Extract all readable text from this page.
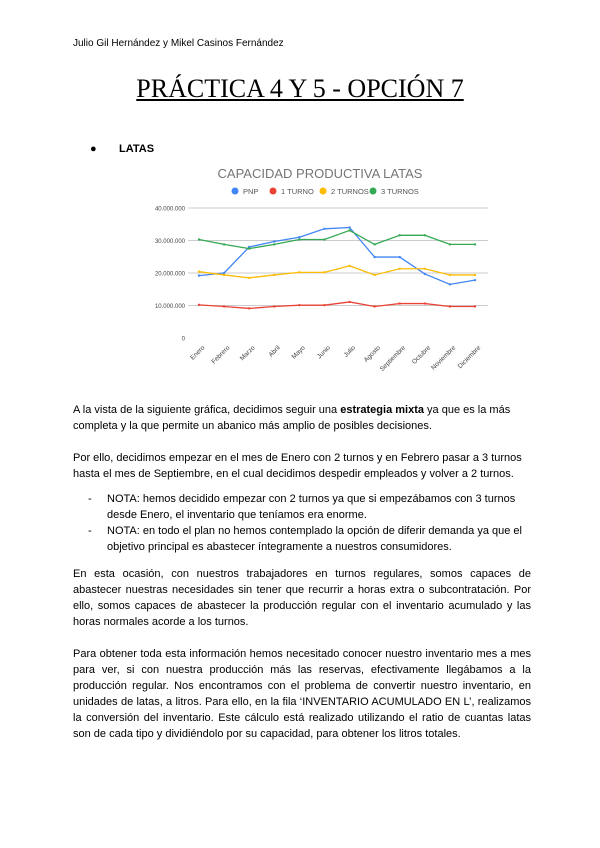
Julio Gil Hernández y Mikel Casinos Fernández
PRÁCTICA 4 Y 5 - OPCIÓN 7
● LATAS
CAPACIDAD PRODUCTIVA LATAS
PNP	1 TURNO 2 TURNOS 3 TURNOS
0
10.000.000
20.000.000
30.000.000
40.000.000
Enero Febrero Marzo Abril Mayo Junio Julio Agosto
Septiembre Octubre
Noviembre Diciembre
A la vista de la siguiente gráfica, decidimos seguir una estrategia mixta ya que es la más completa y la que permite un abanico más amplio de posibles decisiones.
Por ello, decidimos empezar en el mes de Enero con 2 turnos y en Febrero pasar a 3 turnos hasta el mes de Septiembre, en el cual decidimos despedir empleados y volver a 2 turnos.
- NOTA: hemos decidido empezar con 2 turnos ya que si empezábamos con 3 turnos desde Enero, el inventario que teníamos era enorme.
- NOTA: en todo el plan no hemos contemplado la opción de diferir demanda ya que el objetivo principal es abastecer íntegramente a nuestros consumidores.
En esta ocasión, con nuestros trabajadores en turnos regulares, somos capaces de abastecer nuestras necesidades sin tener que recurrir a horas extra o subcontratación. Por ello, somos capaces de abastecer la producción regular con el inventario acumulado y las horas normales acorde a los turnos.
Para obtener toda esta información hemos necesitado conocer nuestro inventario mes a mes para ver, si con nuestra producción más las reservas, efectivamente llegábamos a la producción regular. Nos encontramos con el problema de convertir nuestro inventario, en unidades de latas, a litros. Para ello, en la fila ‘INVENTARIO ACUMULADO EN L’, realizamos la conversión del inventario. Este cálculo está realizado utilizando el ratio de cuantas latas son de cada tipo y dividiéndolo por su capacidad, para obtener los litros totales.
